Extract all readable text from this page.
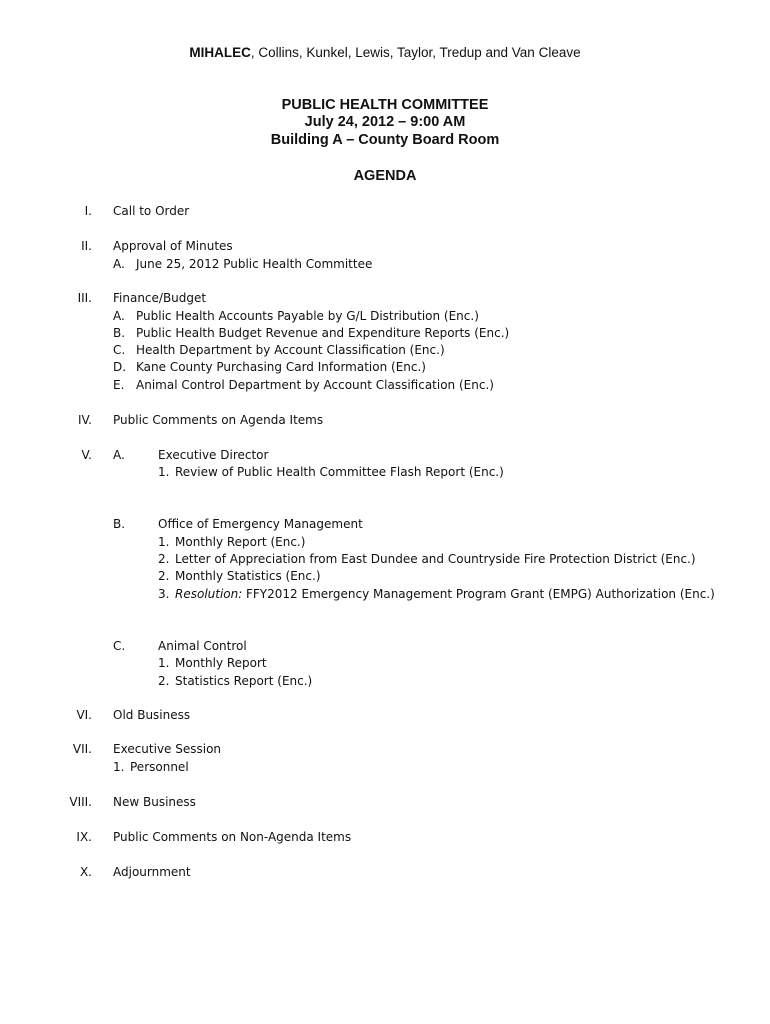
MIHALEC, Collins, Kunkel, Lewis, Taylor, Tredup and Van Cleave
PUBLIC HEALTH COMMITTEE
July 24, 2012 – 9:00 AM
Building A – County Board Room
AGENDA
I. Call to Order
II. Approval of Minutes
A. June 25, 2012 Public Health Committee
III. Finance/Budget
A. Public Health Accounts Payable by G/L Distribution (Enc.)
B. Public Health Budget Revenue and Expenditure Reports (Enc.)
C. Health Department by Account Classification (Enc.)
D. Kane County Purchasing Card Information (Enc.)
E. Animal Control Department by Account Classification (Enc.)
IV. Public Comments on Agenda Items
V. A.	Executive Director
1. Review of Public Health Committee Flash Report (Enc.)
B.	Office of Emergency Management
1. Monthly Report (Enc.)
2. Letter of Appreciation from East Dundee and Countryside Fire Protection District (Enc.)
2. Monthly Statistics (Enc.)
3. Resolution: FFY2012 Emergency Management Program Grant (EMPG) Authorization (Enc.)
C.	Animal Control
1. Monthly Report
2. Statistics Report (Enc.)
VI. Old Business
VII. Executive Session
1. Personnel
VIII. New Business
IX. Public Comments on Non-Agenda Items
X. Adjournment
